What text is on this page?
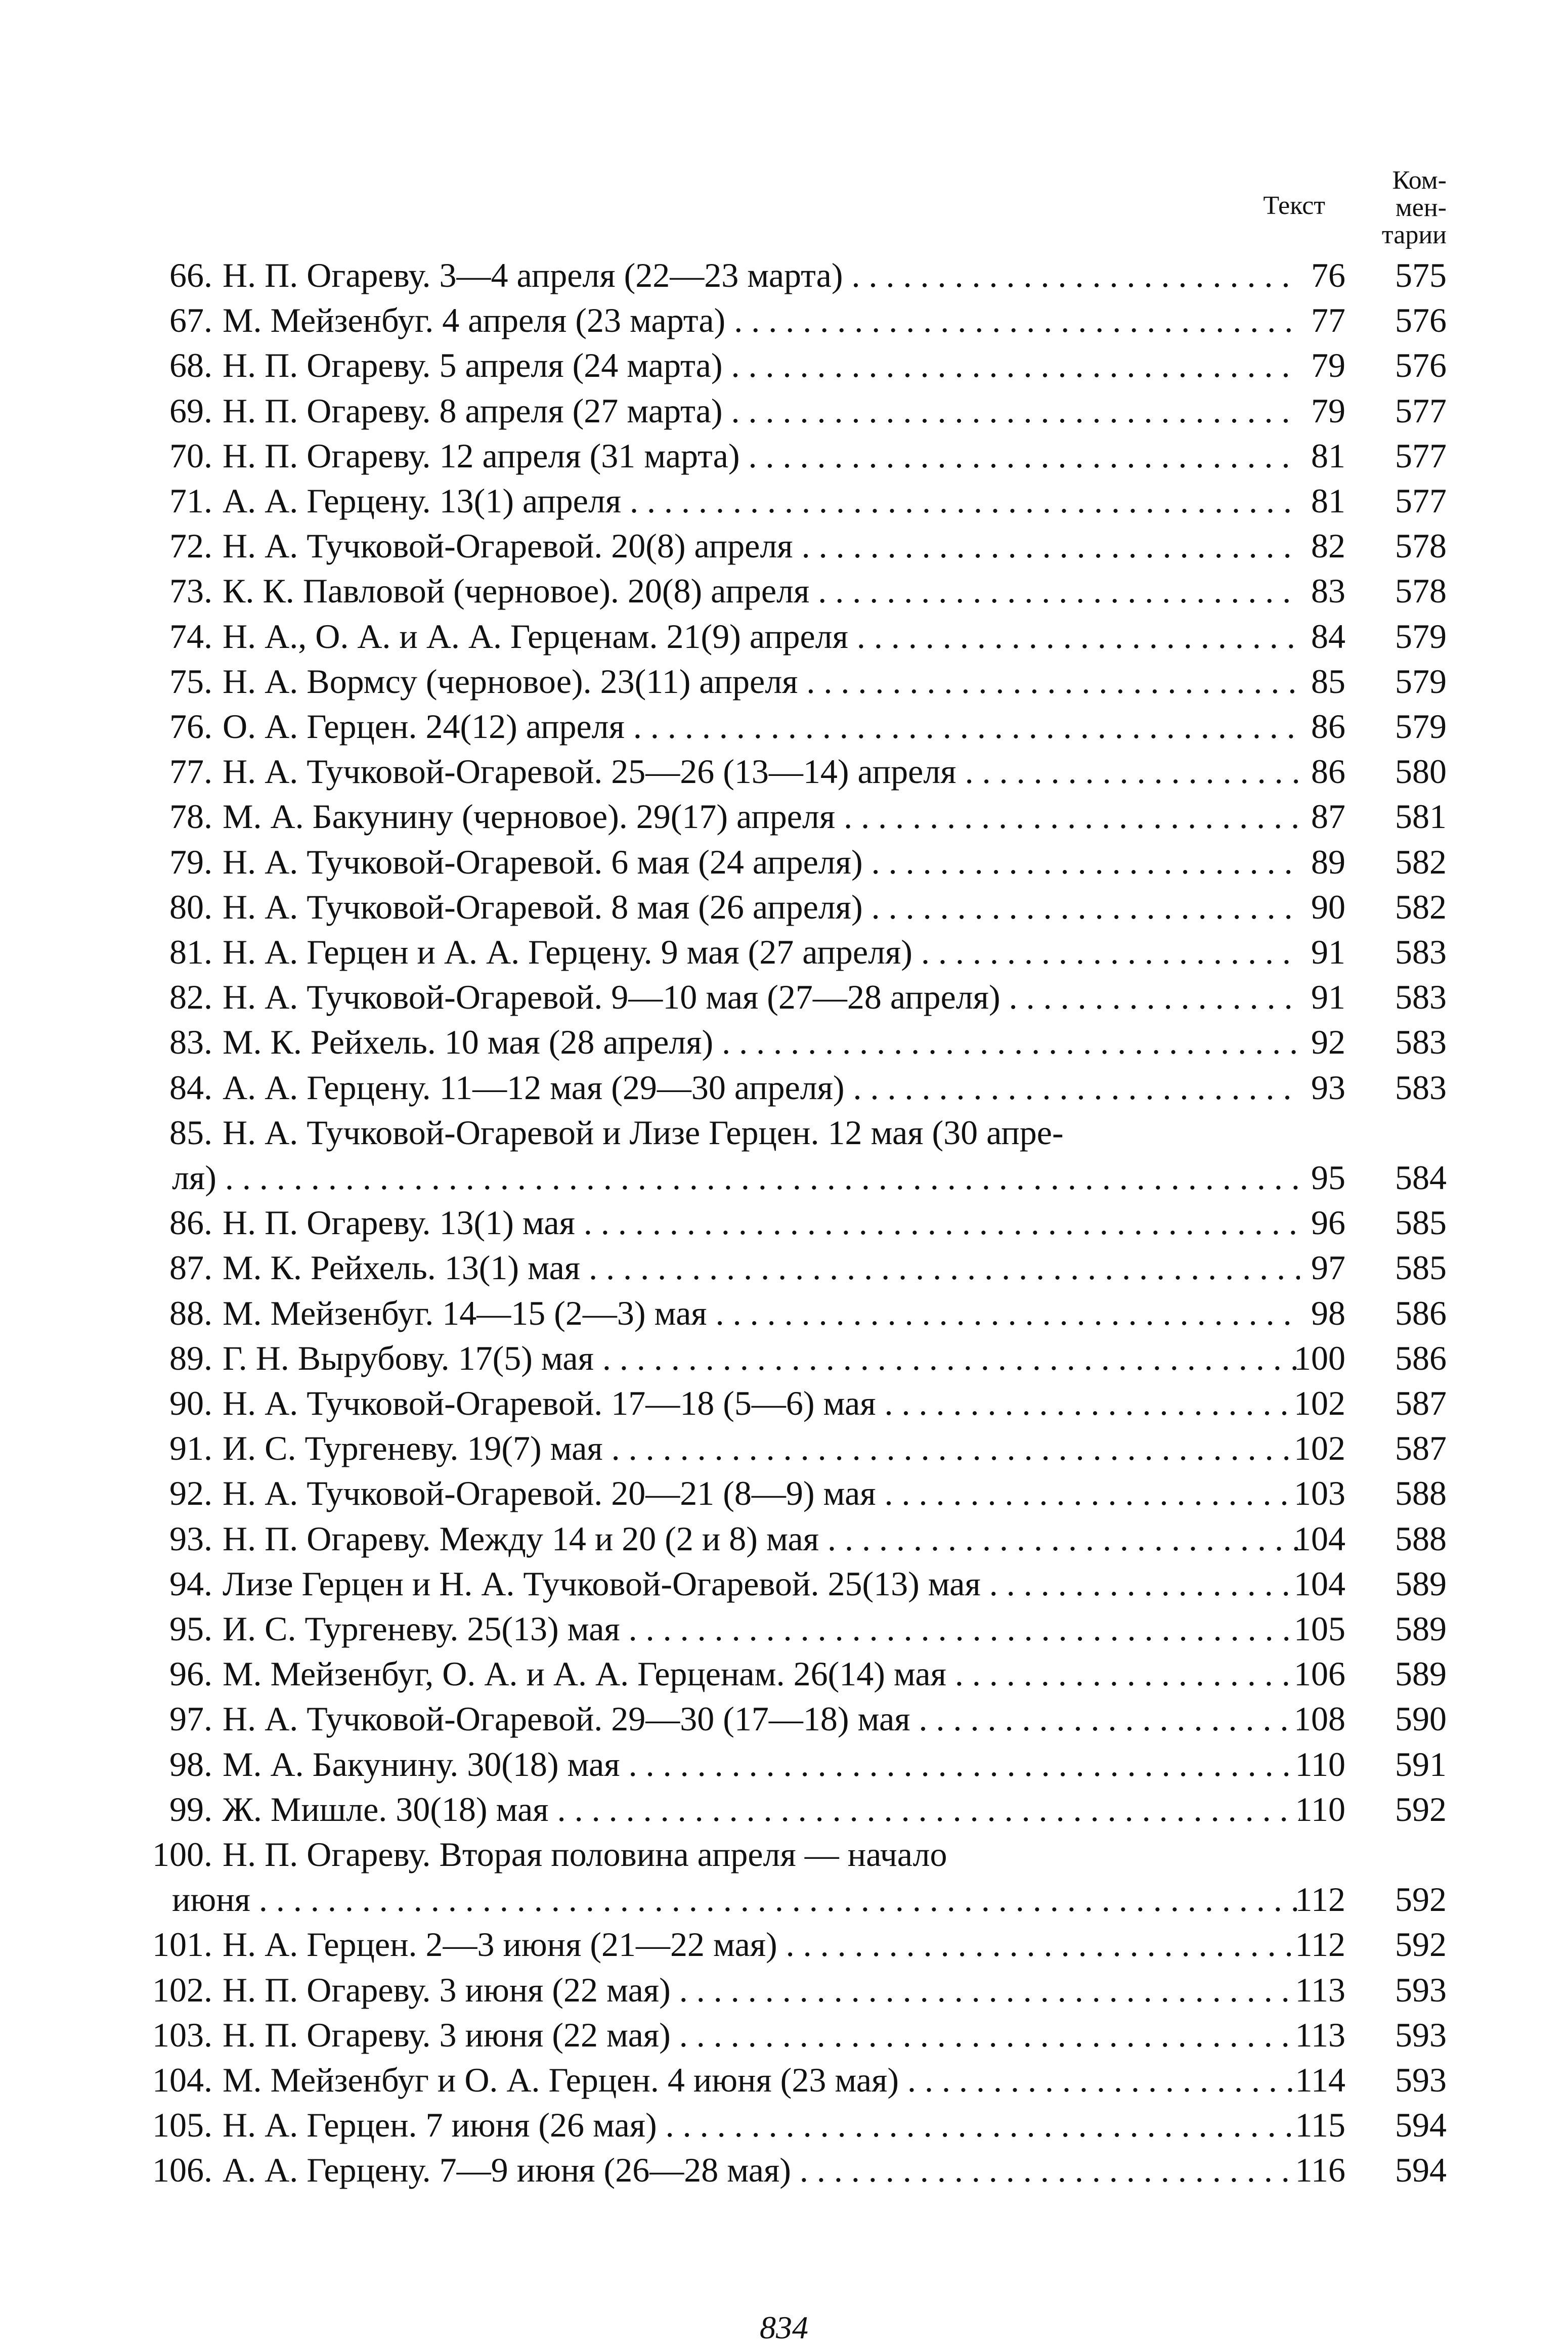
Текст
Ком-
мен-
тарии
66. Н. П. Огареву. 3—4 апреля (22—23 марта) . . .	76 575
67. М. Мейзенбуг. 4 апреля (23 марта) . . .	77 576
68. Н. П. Огареву. 5 апреля (24 марта) . . .	79 576
69. Н. П. Огареву. 8 апреля (27 марта) . . .	79 577
70. Н. П. Огареву. 12 апреля (31 марта) . . .	81 577
71. А. А. Герцену. 13(1) апреля . . .	81 577
72. Н. А. Тучковой-Огаревой. 20(8) апреля . . .	82 578
73. К. К. Павловой (черновое). 20(8) апреля . . .	83 578
74. Н. А., О. А. и А. А. Герценам. 21(9) апреля . . .	84 579
75. Н. А. Вормсу (черновое). 23(11) апреля . . .	85 579
76. О. А. Герцен. 24(12) апреля . . .	86 579
77. Н. А. Тучковой-Огаревой. 25—26 (13—14) апреля . . .	86 580
78. М. А. Бакунину (черновое). 29(17) апреля . . .	87 581
79. Н. А. Тучковой-Огаревой. 6 мая (24 апреля) . . .	89 582
80. Н. А. Тучковой-Огаревой. 8 мая (26 апреля) . . .	90 582
81. Н. А. Герцен и А. А. Герцену. 9 мая (27 апреля) . . .	91 583
82. Н. А. Тучковой-Огаревой. 9—10 мая (27—28 апреля) . . .	91 583
83. М. К. Рейхель. 10 мая (28 апреля) . . .	92 583
84. А. А. Герцену. 11—12 мая (29—30 апреля) . . .	93 583
85. Н. А. Тучковой-Огаревой и Лизе Герцен. 12 мая (30 апре-
ля) . . .	95 584
86. Н. П. Огареву. 13(1) мая . . .	96 585
87. М. К. Рейхель. 13(1) мая . . .	97 585
88. М. Мейзенбуг. 14—15 (2—3) мая . . .	98 586
89. Г. Н. Вырубову. 17(5) мая . . .	100 586
90. Н. А. Тучковой-Огаревой. 17—18 (5—6) мая . . .	102 587
91. И. С. Тургеневу. 19(7) мая . . .	102 587
92. Н. А. Тучковой-Огаревой. 20—21 (8—9) мая . . .	103 588
93. Н. П. Огареву. Между 14 и 20 (2 и 8) мая . . .	104 588
94. Лизе Герцен и Н. А. Тучковой-Огаревой. 25(13) мая . . .	104 589
95. И. С. Тургеневу. 25(13) мая . . .	105 589
96. М. Мейзенбуг, О. А. и А. А. Герценам. 26(14) мая . . .	106 589
97. Н. А. Тучковой-Огаревой. 29—30 (17—18) мая . . .	108 590
98. М. А. Бакунину. 30(18) мая . . .	110 591
99. Ж. Мишле. 30(18) мая . . .	110 592
100. Н. П. Огареву. Вторая половина апреля — начало
июня . . .	112 592
101. Н. А. Герцен. 2—3 июня (21—22 мая) . . .	112 592
102. Н. П. Огареву. 3 июня (22 мая) . . .	113 593
103. Н. П. Огареву. 3 июня (22 мая) . . .	113 593
104. М. Мейзенбуг и О. А. Герцен. 4 июня (23 мая) . . .	114 593
105. Н. А. Герцен. 7 июня (26 мая) . . .	115 594
106. А. А. Герцену. 7—9 июня (26—28 мая) . . .	116 594
834
